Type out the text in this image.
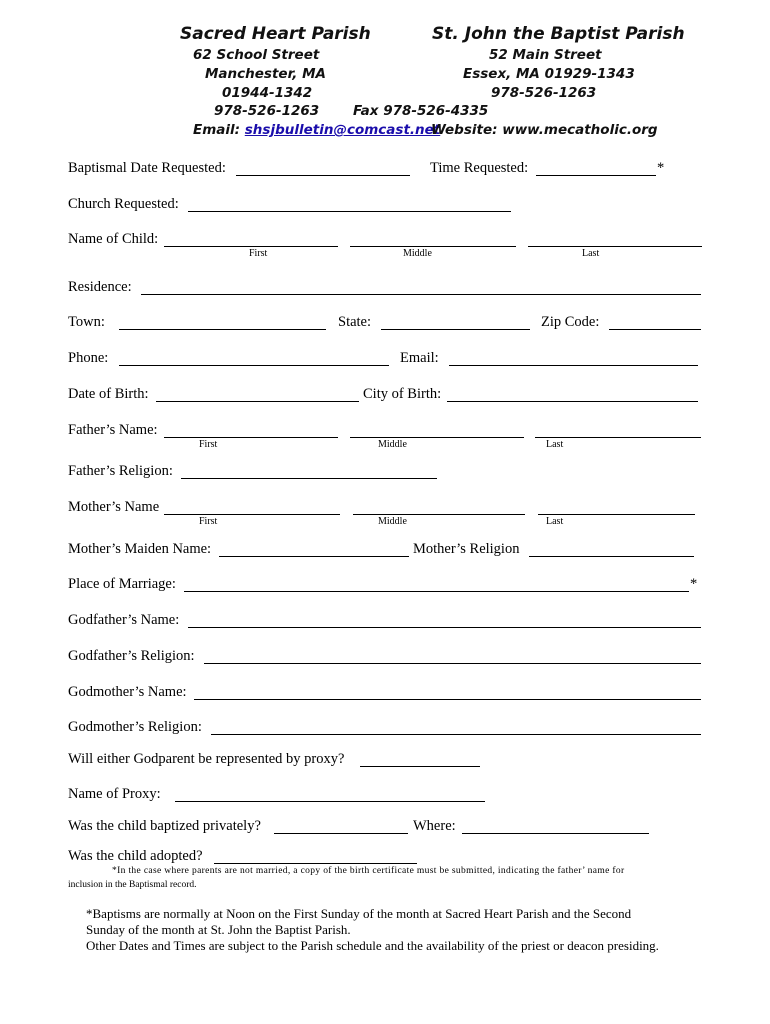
Sacred Heart Parish	St. John the Baptist Parish
62 School Street	52 Main Street
Manchester, MA	Essex, MA 01929-1343
01944-1342	978-526-1263
978-526-1263	Fax 978-526-4335
Email: shsjbulletin@comcast.net
Website: www.mecatholic.org
Baptismal Date Requested:	Time Requested:	*
Church Requested:
Name of Child:
First	Middle	Last
Residence:
Town:	State:	Zip Code:
Phone:	Email:
Date of Birth:	City of Birth:
Father’s Name:
First	Middle	Last
Father’s Religion:
Mother’s Name
First	Middle	Last
Mother’s Maiden Name:	Mother’s Religion
Place of Marriage:	*
Godfather’s Name:
Godfather’s Religion:
Godmother’s Name:
Godmother’s Religion:
Will either Godparent be represented by proxy?
Name of Proxy:
Was the child baptized privately?	Where:
Was the child adopted?
*In the case where parents are not married, a copy of the birth certificate must be submitted, indicating the father’ name for
inclusion in the Baptismal record.
*Baptisms are normally at Noon on the First Sunday of the month at Sacred Heart Parish and the Second
Sunday of the month at St. John the Baptist Parish.
Other Dates and Times are subject to the Parish schedule and the availability of the priest or deacon presiding.
